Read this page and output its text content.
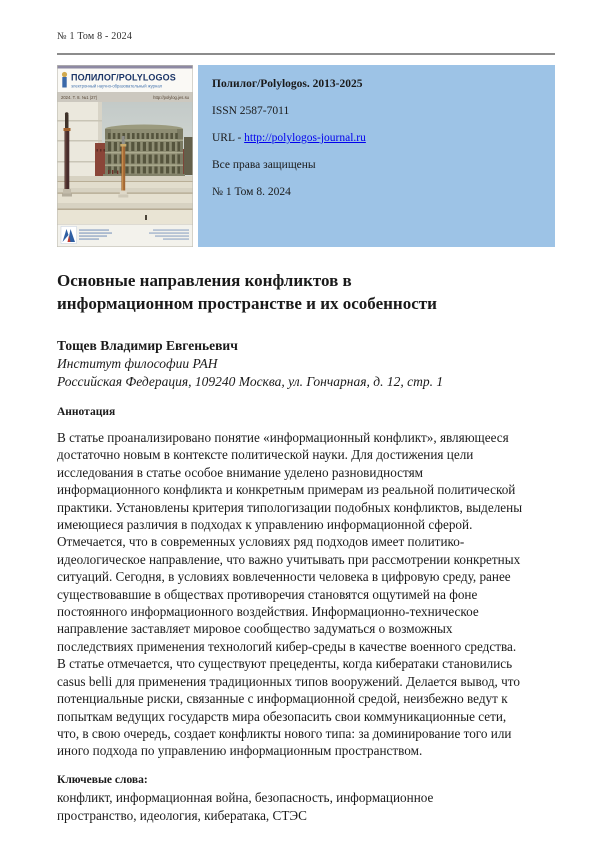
№ 1 Том 8 - 2024
ПОЛИЛОГ/POLYLOGOS
электронный научно-образовательный журнал
2024. Т. 8. №1 (27)	http://polylog.jes.su

Полилог/Polylogos. 2013-2025

ISSN 2587-7011

URL - http://polylogos-journal.ru

Все права защищены

№ 1 Том 8. 2024

Основные направления конфликтов в
информационном пространстве и их особенности

Тощев Владимир Евгеньевич

Институт философии РАН

Российская Федерация, 109240 Москва, ул. Гончарная, д. 12, стр. 1

Аннотация

В статье проанализировано понятие «информационный конфликт», являющееся
достаточно новым в контексте политической науки. Для достижения цели
исследования в статье особое внимание уделено разновидностям
информационного конфликта и конкретным примерам из реальной политической
практики. Установлены критерия типологизации подобных конфликтов, выделены
имеющиеся различия в подходах к управлению информационной сферой.
Отмечается, что в современных условиях ряд подходов имеет политико-
идеологическое направление, что важно учитывать при рассмотрении конкретных
ситуаций. Сегодня, в условиях вовлеченности человека в цифровую среду, ранее
существовавшие в обществах противоречия становятся ощутимей на фоне
постоянного информационного воздействия. Информационно-техническое
направление заставляет мировое сообщество задуматься о возможных
последствиях применения технологий кибер-среды в качестве военного средства.
В статье отмечается, что существуют прецеденты, когда кибератаки становились
casus belli для применения традиционных типов вооружений. Делается вывод, что
потенциальные риски, связанные с информационной средой, неизбежно ведут к
попыткам ведущих государств мира обезопасить свои коммуникационные сети,
что, в свою очередь, создает конфликты нового типа: за доминирование того или
иного подхода по управлению информационным пространством.

Ключевые слова:
конфликт, информационная война, безопасность, информационное
пространство, идеология, кибератака, СТЭС
